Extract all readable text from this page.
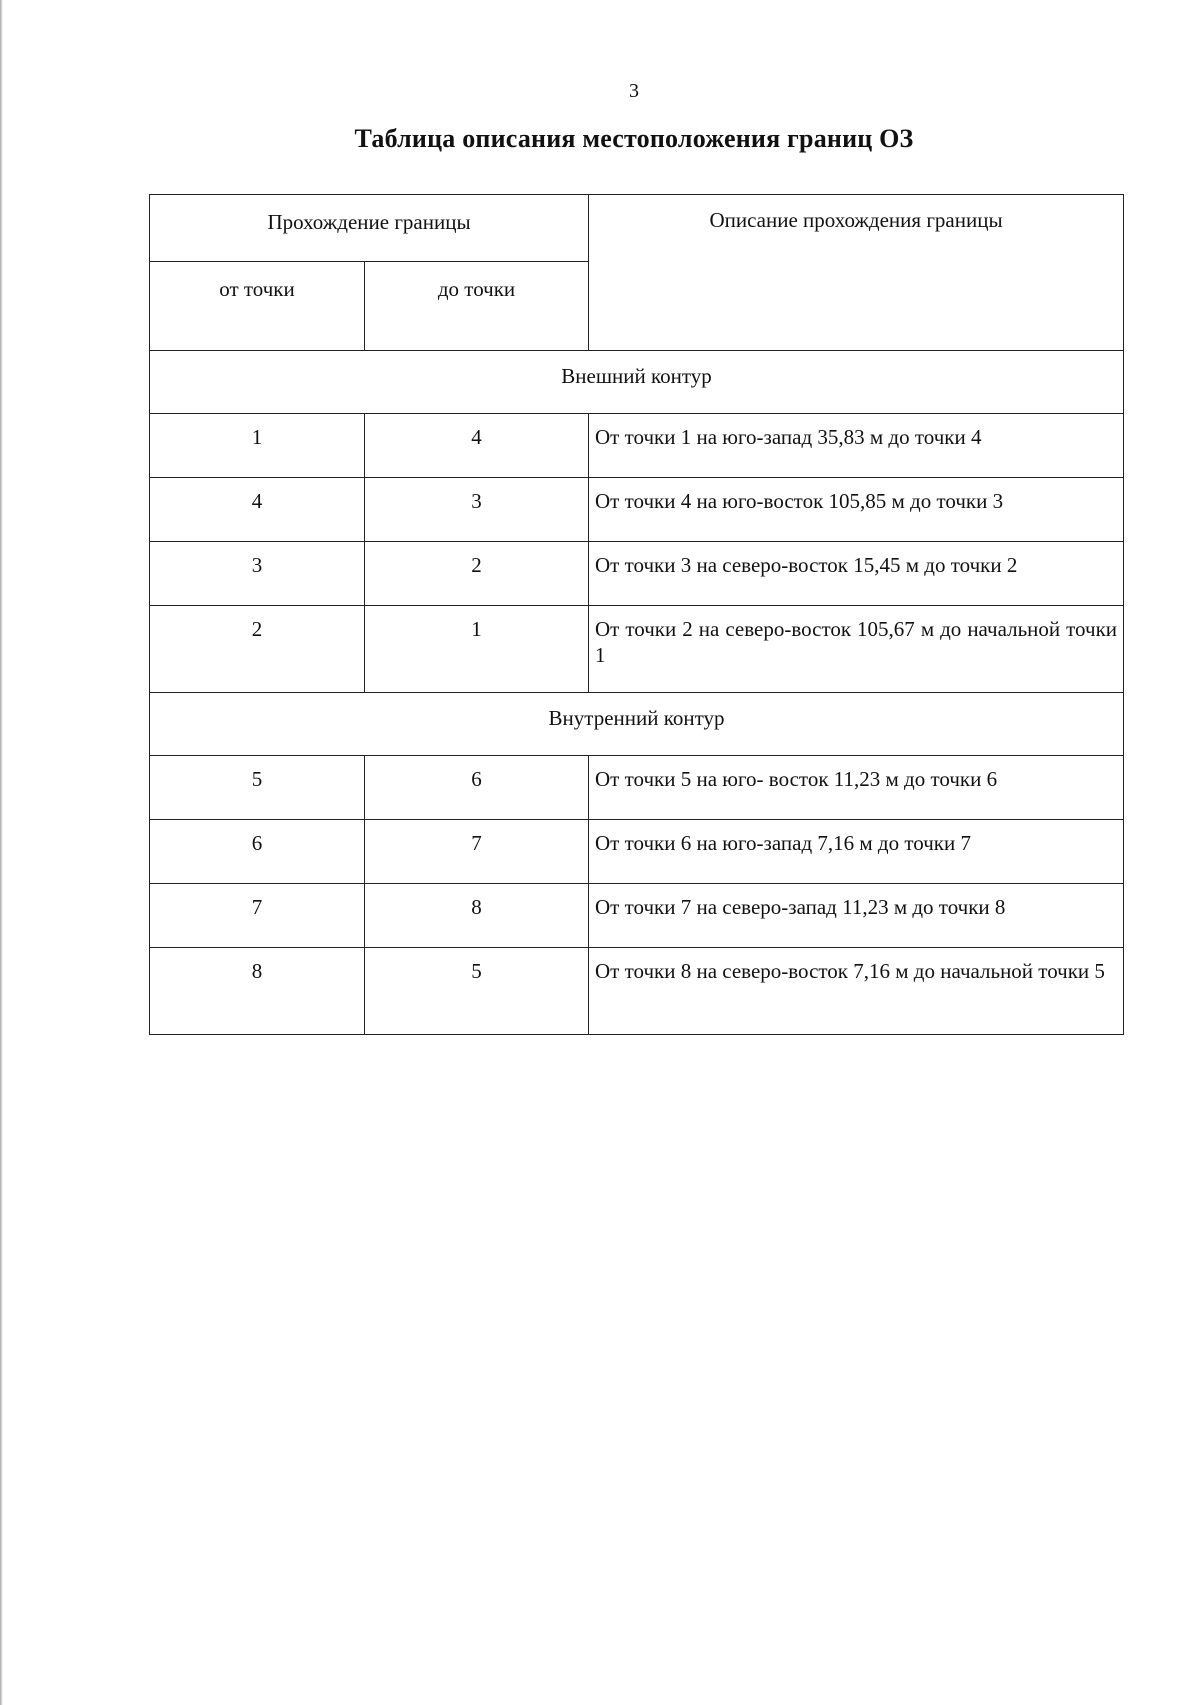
3
Таблица описания местоположения границ ОЗ
Прохождение границы		Описание прохождения границы
от точки	до точки	
Внешний контур		
1	4	От точки 1 на юго-запад 35,83 м до точки 4
4	3	От точки 4 на юго-восток 105,85 м до точки 3
3	2	От точки 3 на северо-восток 15,45 м до точки 2
2	1	От точки 2 на северо-восток 105,67 м до начальной точки 1
Внутренний контур		
5	6	От точки 5 на юго- восток 11,23 м до точки 6
6	7	От точки 6 на юго-запад 7,16 м до точки 7
7	8	От точки 7 на северо-запад 11,23 м до точки 8
8	5	От точки 8 на северо-восток 7,16 м до начальной точки 5
